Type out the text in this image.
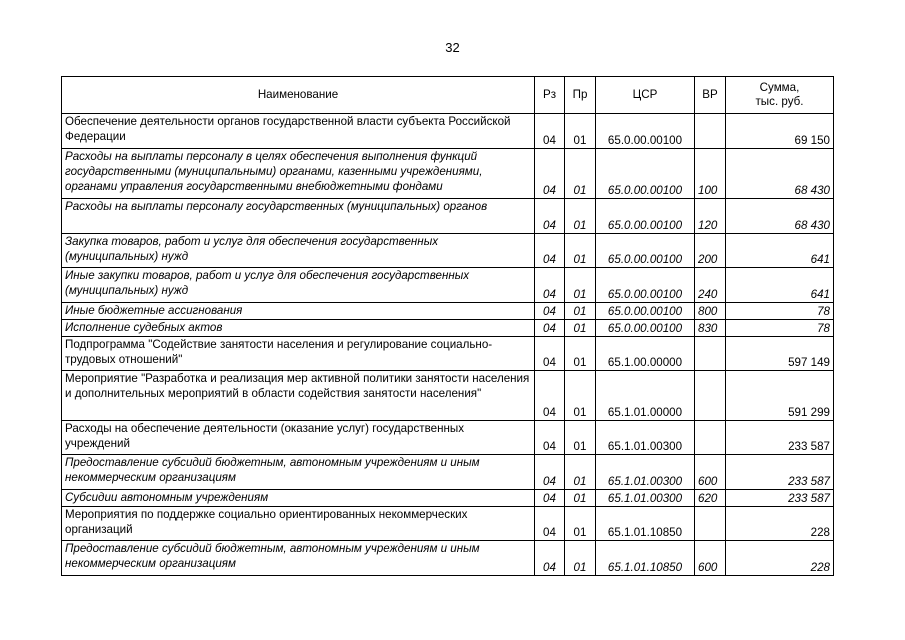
32
Наименование	Рз	Пр	ЦСР	ВР	Сумма,
тыс. руб.

Обеспечение деятельности органов государственной власти субъекта Российской Федерации	04	01	65.0.00.00100		69 150
Расходы на выплаты персоналу в целях обеспечения выполнения функций государственными (муниципальными) органами, казенными учреждениями, органами управления государственными внебюджетными фондами	04	01	65.0.00.00100	100	68 430
Расходы на выплаты персоналу государственных (муниципальных) органов	04	01	65.0.00.00100	120	68 430
Закупка товаров, работ и услуг для обеспечения государственных (муниципальных) нужд	04	01	65.0.00.00100	200	641
Иные закупки товаров, работ и услуг для обеспечения государственных (муниципальных) нужд	04	01	65.0.00.00100	240	641
Иные бюджетные ассигнования	04	01	65.0.00.00100	800	78
Исполнение судебных актов	04	01	65.0.00.00100	830	78
Подпрограмма "Содействие занятости населения и регулирование социально-трудовых отношений"	04	01	65.1.00.00000		597 149
Мероприятие "Разработка и реализация мер активной политики занятости населения и дополнительных мероприятий в области содействия занятости населения"	04	01	65.1.01.00000		591 299
Расходы на обеспечение деятельности (оказание услуг) государственных учреждений	04	01	65.1.01.00300		233 587
Предоставление субсидий бюджетным, автономным учреждениям и иным некоммерческим организациям	04	01	65.1.01.00300	600	233 587
Субсидии автономным учреждениям	04	01	65.1.01.00300	620	233 587
Мероприятия по поддержке социально ориентированных некоммерческих организаций	04	01	65.1.01.10850		228
Предоставление субсидий бюджетным, автономным учреждениям и иным некоммерческим организациям	04	01	65.1.01.10850	600	228
